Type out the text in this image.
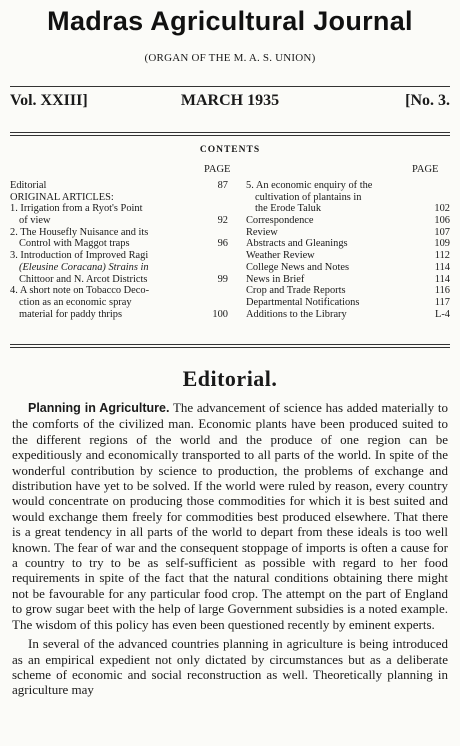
Madras Agricultural Journal
(ORGAN OF THE M. A. S. UNION)
MARCH 1935
Vol. XXIII]	[No. 3.
CONTENTS
PAGE	PAGE
Editorial	87
ORIGINAL ARTICLES:
1. Irrigation from a Ryot's Point
of view	92
2. The Housefly Nuisance and its
Control with Maggot traps	96
3. Introduction of Improved Ragi
(Eleusine Coracana) Strains in
Chittoor and N. Arcot Districts	99
4. A short note on Tobacco Deco-
ction as an economic spray
material for paddy thrips	100
5. An economic enquiry of the
cultivation of plantains in
the Erode Taluk	102
Correspondence	106
Review	107
Abstracts and Gleanings	109
Weather Review	112
College News and Notes	114
News in Brief	114
Crop and Trade Reports	116
Departmental Notifications	117
Additions to the Library	L-4
Editorial.

Planning in Agriculture. The advancement of science has added materially to the comforts of the civilized man. Economic plants have been produced suited to the different regions of the world and the produce of one region can be expeditiously and economically transported to all parts of the world. In spite of the wonderful contribution by science to production, the problems of exchange and distribution have yet to be solved. If the world were ruled by reason, every country would concentrate on producing those commodities for which it is best suited and would exchange them freely for commodities best produced elsewhere. That there is a great tendency in all parts of the world to depart from these ideals is too well known. The fear of war and the consequent stoppage of imports is often a cause for a country to try to be as self-sufficient as possible with regard to her food requirements in spite of the fact that the natural conditions obtaining there might not be favourable for any particular food crop. The attempt on the part of England to grow sugar beet with the help of large Government subsidies is a noted example. The wisdom of this policy has even been questioned recently by eminent experts.

In several of the advanced countries planning in agriculture is being introduced as an empirical expedient not only dictated by circumstances but as a deliberate scheme of economic and social reconstruction as well. Theoretically planning in agriculture may
